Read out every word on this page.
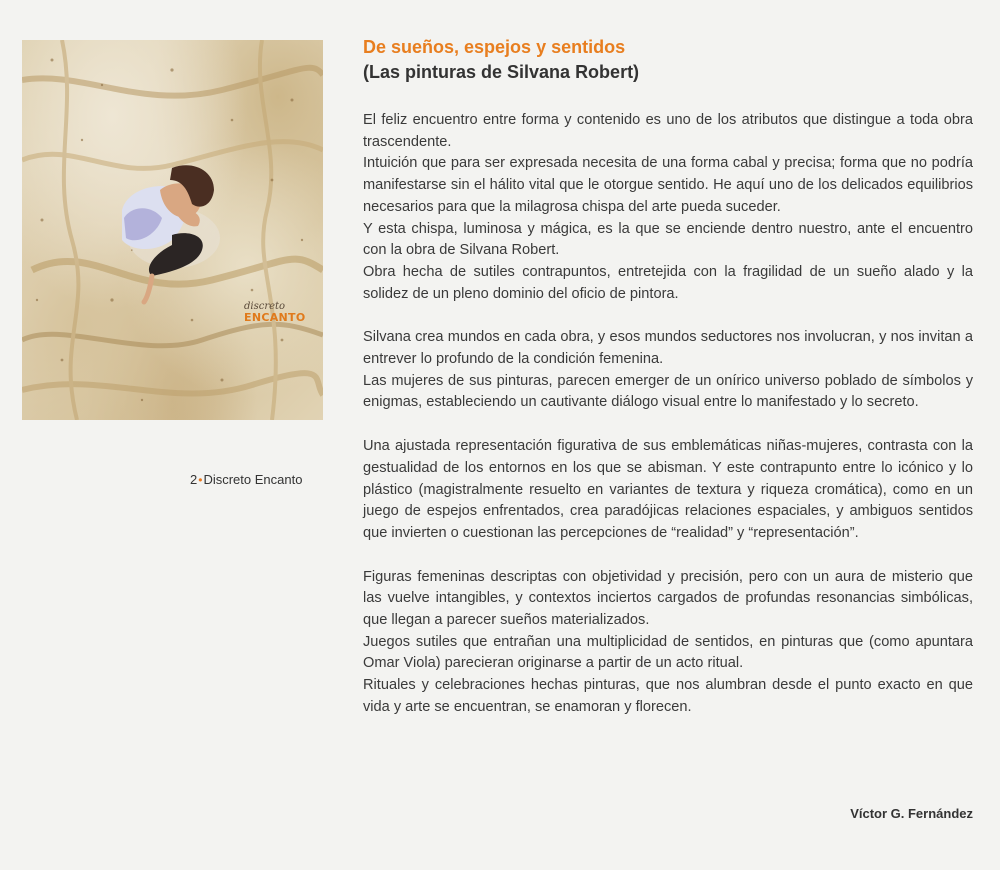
discreto
ENCANTO
2•Discreto Encanto
De sueños, espejos y sentidos
(Las pinturas de Silvana Robert)

El feliz encuentro entre forma y contenido es uno de los atributos que distingue a toda obra trascendente.

Intuición que para ser expresada necesita de una forma cabal y precisa; forma que no podría manifestarse sin el hálito vital que le otorgue sentido. He aquí uno de los delicados equilibrios necesarios para que la milagrosa chispa del arte pueda suceder.

Y esta chispa, luminosa y mágica, es la que se enciende dentro nuestro, ante el encuentro con la obra de Silvana Robert.

Obra hecha de sutiles contrapuntos, entretejida con la fragilidad de un sueño alado y la solidez de un pleno dominio del oficio de pintora.

Silvana crea mundos en cada obra, y esos mundos seductores nos involucran, y nos invitan a entrever lo profundo de la condición femenina.

Las mujeres de sus pinturas, parecen emerger de un onírico universo poblado de símbolos y enigmas, estableciendo un cautivante diálogo visual entre lo manifestado y lo secreto.

Una ajustada representación figurativa de sus emblemáticas niñas-mujeres, contrasta con la gestualidad de los entornos en los que se abisman. Y este contrapunto entre lo icónico y lo plástico (magistralmente resuelto en variantes de textura y riqueza cromática), como en un juego de espejos enfrentados, crea paradójicas relaciones espaciales, y ambiguos sentidos que invierten o cuestionan las percepciones de “realidad” y “representación”.

Figuras femeninas descriptas con objetividad y precisión, pero con un aura de misterio que las vuelve intangibles, y contextos inciertos cargados de profundas resonancias simbólicas, que llegan a parecer sueños materializados.

Juegos sutiles que entrañan una multiplicidad de sentidos, en pinturas que (como apuntara Omar Viola) parecieran originarse a partir de un acto ritual.

Rituales y celebraciones hechas pinturas, que nos alumbran desde el punto exacto en que vida y arte se encuentran, se enamoran y florecen.

Víctor G. Fernández
